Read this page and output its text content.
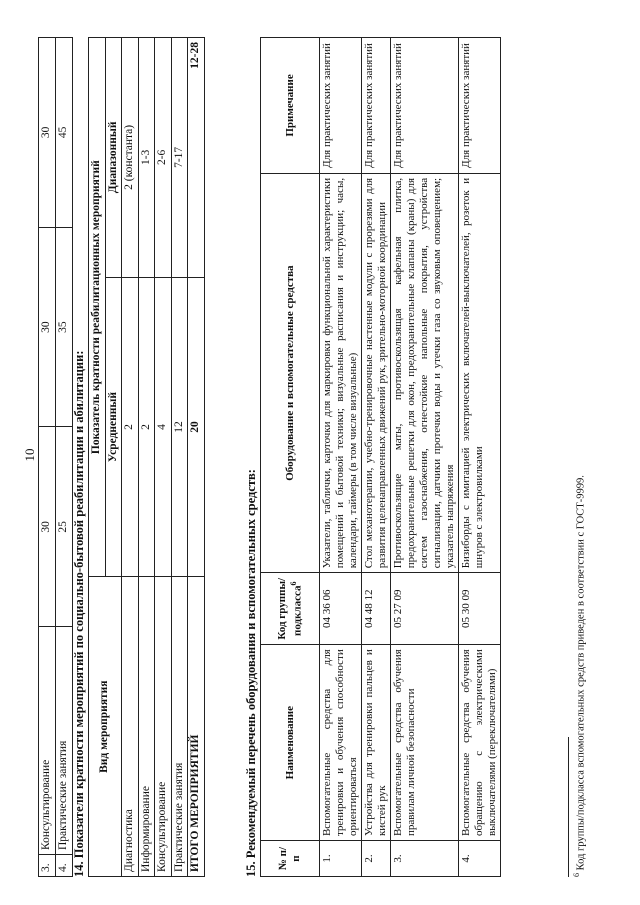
10
3.	Консультирование	30	30	30
4.	Практические занятия	25	35	45
14. Показатели кратности мероприятий по социально-бытовой реабилитации и абилитации: Вид мероприятия	Показатель кратности реабилитационных мероприятий	
	Усредненный	Диапазонный
Диагностика	2	2 (константа)
Информирование	2	1-3
Консультирование	4	2-6
Практические занятия	12	7-17
ИТОГО МЕРОПРИЯТИЙ	20	12-28
15. Рекомендуемый перечень оборудования и вспомогательных средств: № п/п	Наименование	Код группы/подкласса$^6$	Оборудование и вспомогательные средства	Примечание
1.	Вспомогательные средства для тренировки и обучения способности ориентироваться	04 36 06	Указатели, таблички, карточки для маркировки функциональной характеристики помещений и бытовой техники; визуальные расписания и инструкции; часы, календари, таймеры (в том числе визуальные)	Для практических занятий
2.	Устройства для тренировки пальцев и кистей рук	04 48 12	Стол механотерапии, учебно-тренировочные настенные модули с прорезями для развития целенаправленных движений рук, зрительно-моторной координации	Для практических занятий
3.	Вспомогательные средства обучения правилам личной безопасности	05 27 09	Противоскользящие маты, противоскользящая кафельная плитка, предохранительные решетки для окон, предохранительные клапаны (краны) для систем газоснабжения, огнестойкие напольные покрытия, устройства сигнализации, датчики протечки воды и утечки газа со звуковым оповещением; указатель напряжения	Для практических занятий
4.	Вспомогательные средства обучения обращению с электрическими выключателями (переключателями)	05 30 09	Бизиборды с имитацией электрических включателей-выключателей, розеток и шнуров с электровилками	Для практических занятий
$^6$ Код группы/подкласса вспомогательных средств приведен в соответствии с ГОСТ-9999.
